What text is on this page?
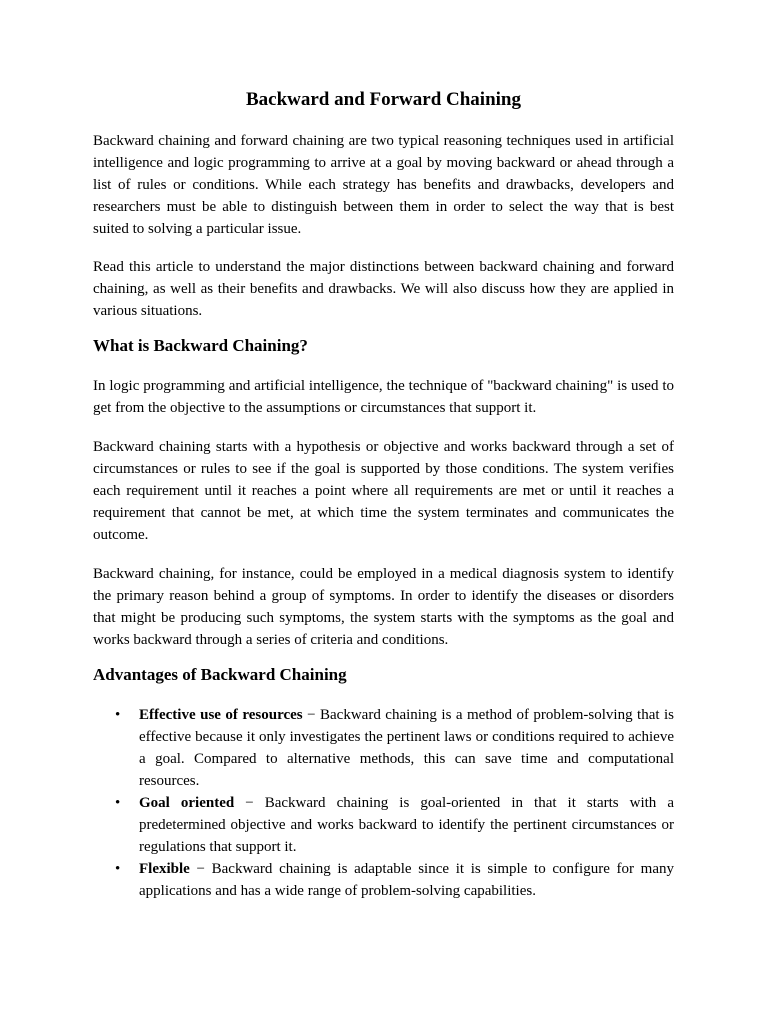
Backward and Forward Chaining

Backward chaining and forward chaining are two typical reasoning techniques used in artificial intelligence and logic programming to arrive at a goal by moving backward or ahead through a list of rules or conditions. While each strategy has benefits and drawbacks, developers and researchers must be able to distinguish between them in order to select the way that is best suited to solving a particular issue.

Read this article to understand the major distinctions between backward chaining and forward chaining, as well as their benefits and drawbacks. We will also discuss how they are applied in various situations.

What is Backward Chaining?

In logic programming and artificial intelligence, the technique of "backward chaining" is used to get from the objective to the assumptions or circumstances that support it.

Backward chaining starts with a hypothesis or objective and works backward through a set of circumstances or rules to see if the goal is supported by those conditions. The system verifies each requirement until it reaches a point where all requirements are met or until it reaches a requirement that cannot be met, at which time the system terminates and communicates the outcome.

Backward chaining, for instance, could be employed in a medical diagnosis system to identify the primary reason behind a group of symptoms. In order to identify the diseases or disorders that might be producing such symptoms, the system starts with the symptoms as the goal and works backward through a series of criteria and conditions.

Advantages of Backward Chaining
• Effective use of resources − Backward chaining is a method of problem-solving that is effective because it only investigates the pertinent laws or conditions required to achieve a goal. Compared to alternative methods, this can save time and computational resources.
• Goal oriented − Backward chaining is goal-oriented in that it starts with a predetermined objective and works backward to identify the pertinent circumstances or regulations that support it.
• Flexible − Backward chaining is adaptable since it is simple to configure for many applications and has a wide range of problem-solving capabilities.
